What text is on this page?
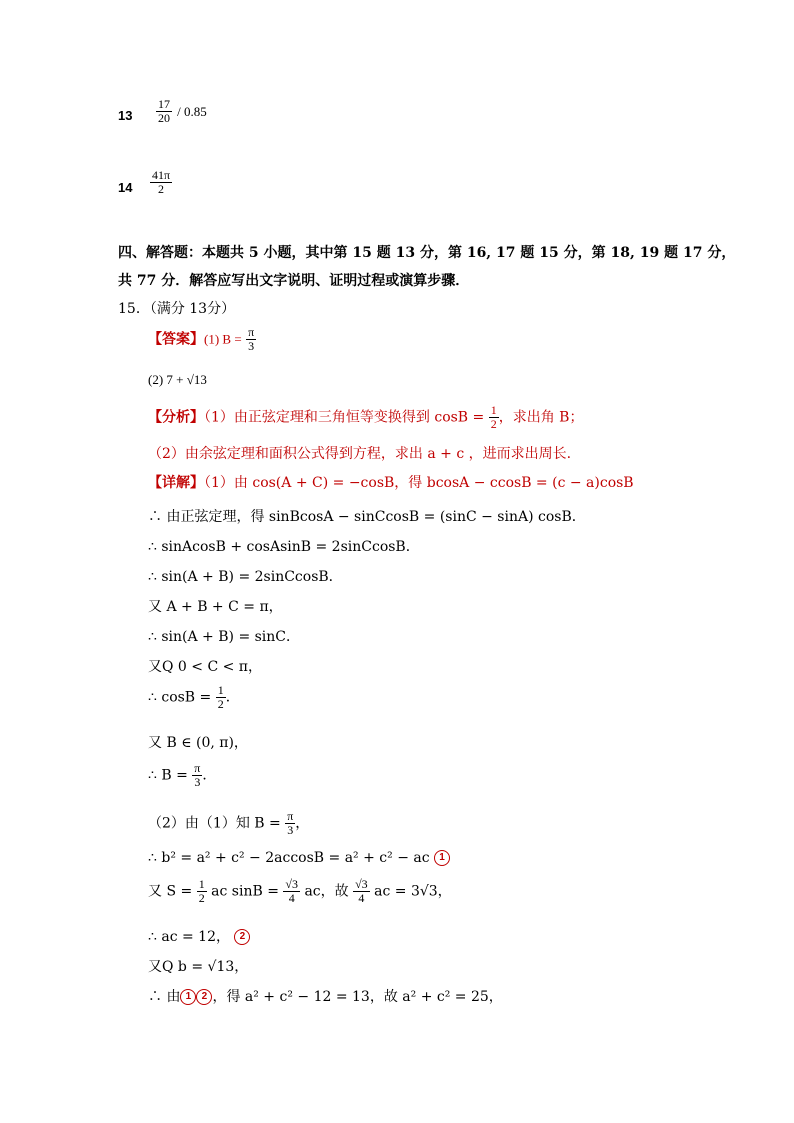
$13 \frac{17}{20} / 0.85$
$14 \frac{41\pi}{2}$
四、解答题：本题共 5 小题，其中第 15 题 13 分，第 16, 17 题 15 分，第 18, 19 题 17 分，
共 77 分．解答应写出文字说明、证明过程或演算步骤．
15．（满分 13分）
【答案】(1) $B = \frac{\pi}{3}$
(2) 7 + √13
【分析】（1）由正弦定理和三角恒等变换得到 $\cos B = \frac{1}{2}$ ，求出角 B；
（2）由余弦定理和面积公式得到方程，求出 a + c ，进而求出周长.
【详解】（1）由 cos(A + C) = −cosB，得 bcosA − ccosB = (c − a)cosB
∴ 由正弦定理，得 sinBcosA − sinCcosB = (sinC − sinA) cosB．
∴ sinAcosB + cosAsinB = 2sinCcosB．
∴ sin(A + B) = 2sinCcosB．
又 A + B + C = π，
∴ sin(A + B) = sinC．
又Q 0 < C < π，
∴ $\cos B = \frac{1}{2}$ ．
又 B ∈ (0, π)，
∴ $B = \frac{\pi}{3}$ ．
（2）由（1）知 $B = \frac{\pi}{3}$ ，
∴ b² = a² + c² − 2accosB = a² + c² − ac 1
又 $S = \frac{1}{2}$ ac $\sin B = \frac{√3}{4}$ ac，故 $\frac{√3}{4}$ ac = 3√3，
∴ ac = 12， 2
又Q b = √13，
∴ 由 1 2 ，得 a² + c² − 12 = 13，故 a² + c² = 25，
